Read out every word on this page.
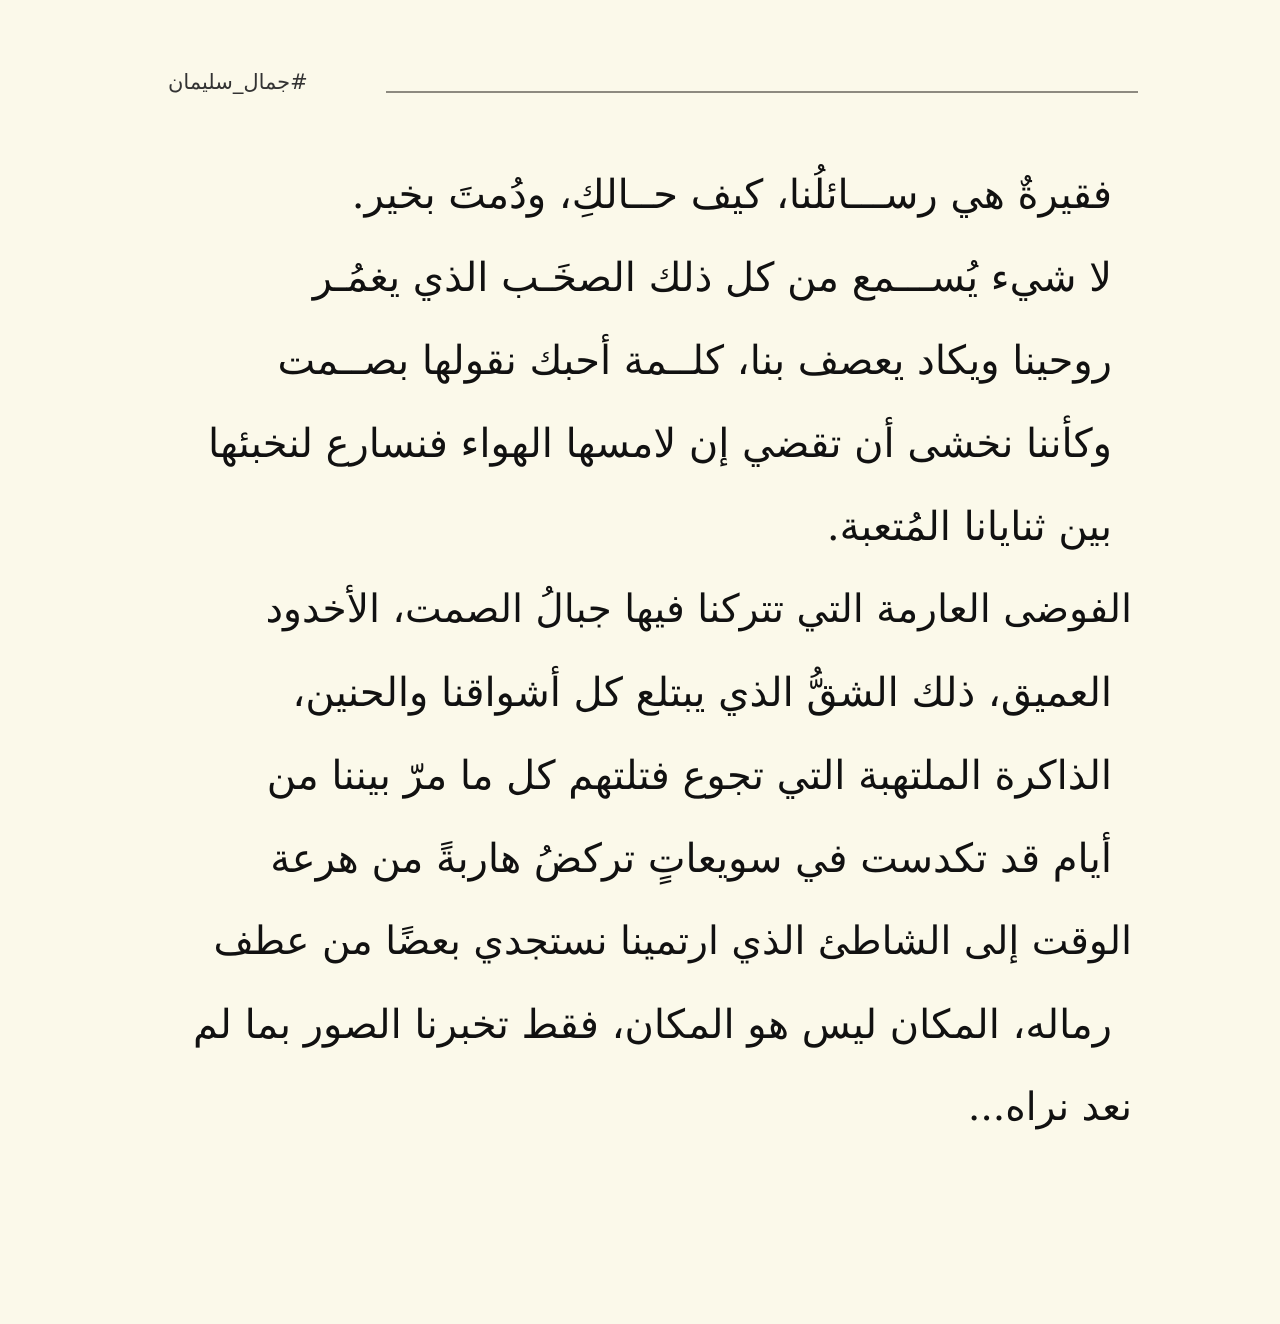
#جمال_سليمان
فقيرةٌ هي رســـائلُنا، كيف حــالكِ، ودُمتَ بخير.
لا شيء يُســـمع من كل ذلك الصخَـب الذي يغمُـر
روحينا ويكاد يعصف بنا، كلــمة أحبك نقولها بصــمت
وكأننا نخشى أن تقضي إن لامسها الهواء فنسارع لنخبئها
بين ثنايانا المُتعبة.
الفوضى العارمة التي تتركنا فيها جبالُ الصمت، الأخدود
العميق، ذلك الشقُّ الذي يبتلع كل أشواقنا والحنين،
الذاكرة الملتهبة التي تجوع فتلتهم كل ما مرّ بيننا من
أيام قد تكدست في سويعاتٍ تركضُ هاربةً من هرعة
الوقت إلى الشاطئ الذي ارتمينا نستجدي بعضًا من عطف
رماله، المكان ليس هو المكان، فقط تخبرنا الصور بما لم
نعد نراه...
